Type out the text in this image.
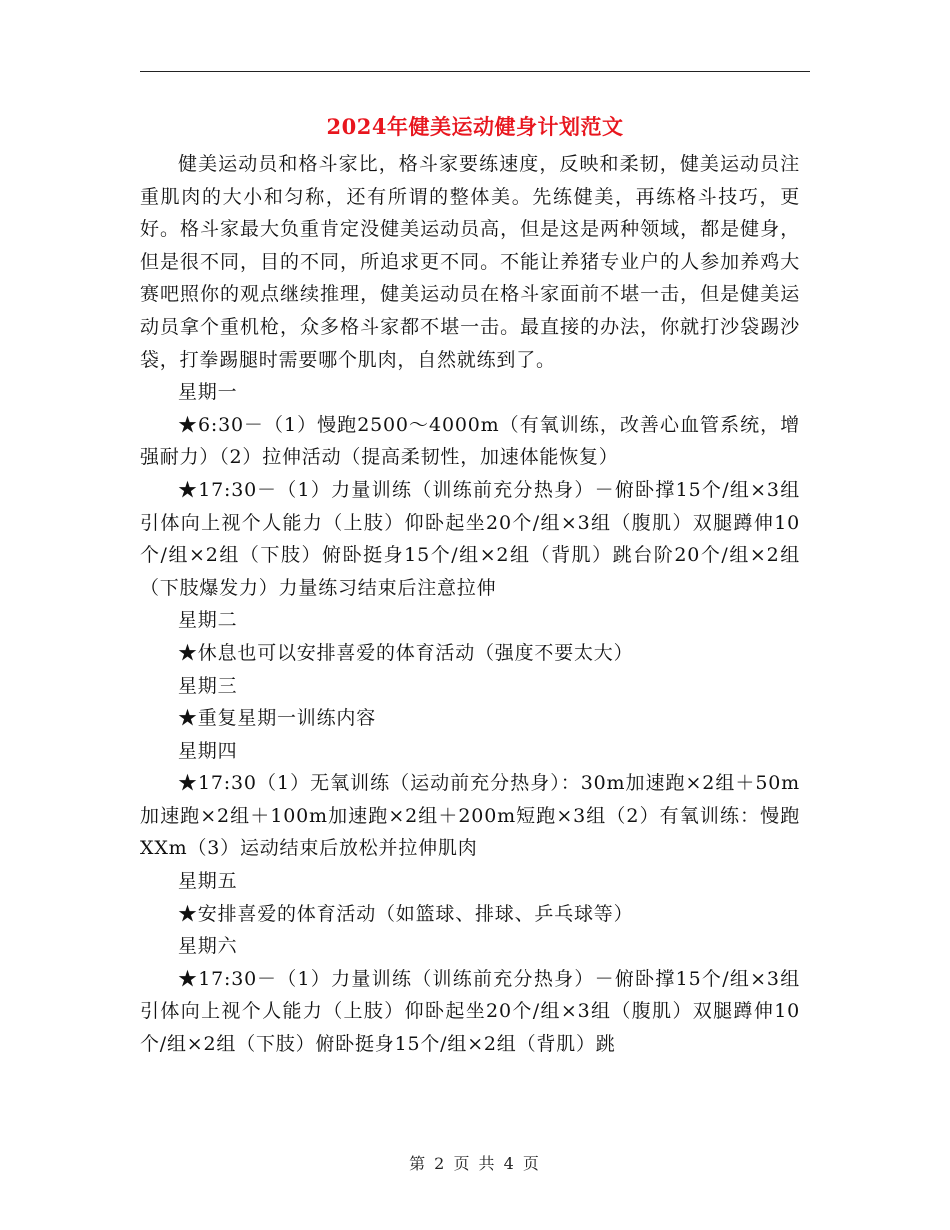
2024年健美运动健身计划范文

健美运动员和格斗家比，格斗家要练速度，反映和柔韧，健美运动员注重肌肉的大小和匀称，还有所谓的整体美。先练健美，再练格斗技巧，更好。格斗家最大负重肯定没健美运动员高，但是这是两种领域，都是健身，但是很不同，目的不同，所追求更不同。不能让养猪专业户的人参加养鸡大赛吧照你的观点继续推理，健美运动员在格斗家面前不堪一击，但是健美运动员拿个重机枪，众多格斗家都不堪一击。最直接的办法，你就打沙袋踢沙袋，打拳踢腿时需要哪个肌肉，自然就练到了。

星期一

★6:30－（1）慢跑2500～4000m（有氧训练，改善心血管系统，增强耐力）（2）拉伸活动（提高柔韧性，加速体能恢复）

★17:30－（1）力量训练（训练前充分热身）－俯卧撑15个/组×3组引体向上视个人能力（上肢）仰卧起坐20个/组×3组（腹肌）双腿蹲伸10个/组×2组（下肢）俯卧挺身15个/组×2组（背肌）跳台阶20个/组×2组（下肢爆发力）力量练习结束后注意拉伸

星期二

★休息也可以安排喜爱的体育活动（强度不要太大）

星期三

★重复星期一训练内容

星期四

★17:30（1）无氧训练（运动前充分热身）：30m加速跑×2组＋50m加速跑×2组＋100m加速跑×2组＋200m短跑×3组（2）有氧训练：慢跑XXm（3）运动结束后放松并拉伸肌肉

星期五

★安排喜爱的体育活动（如篮球、排球、乒乓球等）

星期六

★17:30－（1）力量训练（训练前充分热身）－俯卧撑15个/组×3组引体向上视个人能力（上肢）仰卧起坐20个/组×3组（腹肌）双腿蹲伸10个/组×2组（下肢）俯卧挺身15个/组×2组（背肌）跳

第 2 页 共 4 页
